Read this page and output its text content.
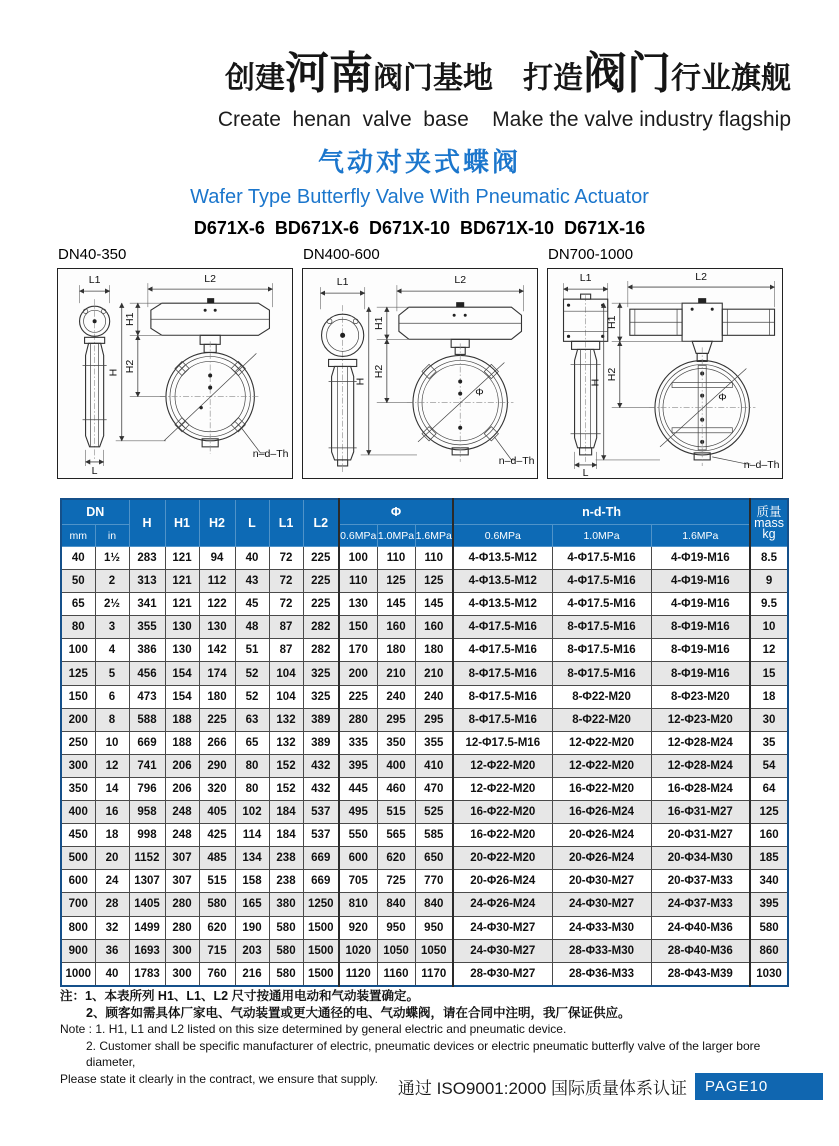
创建河南阀门基地 打造阀门行业旗舰
Create  henan  valve  base    Make the valve industry flagship
气动对夹式蝶阀
Wafer Type Butterfly Valve With Pneumatic Actuator
D671X-6  BD671X-6  D671X-10  BD671X-10  D671X-16
DN40-350
L1
L
L2
H1
H2
H
n–d–Th
DN400-600
L1	L2
Φ
H1
H2
H
n–d–Th
DN700-1000
L1
L
L2
Φ
H1
H2
H
n–d–Th
DN		H	H1	H2	L	L1	L2	Φ			n-d-Th			质量
mass
kg
mm	in							0.6MPa	1.0MPa	1.6MPa	0.6MPa	1.0MPa	1.6MPa	
40	1½	283	121	94	40	72	225	100	110	110	4-Φ13.5-M12	4-Φ17.5-M16	4-Φ19-M16	8.5
50	2	313	121	112	43	72	225	110	125	125	4-Φ13.5-M12	4-Φ17.5-M16	4-Φ19-M16	9
65	2½	341	121	122	45	72	225	130	145	145	4-Φ13.5-M12	4-Φ17.5-M16	4-Φ19-M16	9.5
80	3	355	130	130	48	87	282	150	160	160	4-Φ17.5-M16	8-Φ17.5-M16	8-Φ19-M16	10
100	4	386	130	142	51	87	282	170	180	180	4-Φ17.5-M16	8-Φ17.5-M16	8-Φ19-M16	12
125	5	456	154	174	52	104	325	200	210	210	8-Φ17.5-M16	8-Φ17.5-M16	8-Φ19-M16	15
150	6	473	154	180	52	104	325	225	240	240	8-Φ17.5-M16	8-Φ22-M20	8-Φ23-M20	18
200	8	588	188	225	63	132	389	280	295	295	8-Φ17.5-M16	8-Φ22-M20	12-Φ23-M20	30
250	10	669	188	266	65	132	389	335	350	355	12-Φ17.5-M16	12-Φ22-M20	12-Φ28-M24	35
300	12	741	206	290	80	152	432	395	400	410	12-Φ22-M20	12-Φ22-M20	12-Φ28-M24	54
350	14	796	206	320	80	152	432	445	460	470	12-Φ22-M20	16-Φ22-M20	16-Φ28-M24	64
400	16	958	248	405	102	184	537	495	515	525	16-Φ22-M20	16-Φ26-M24	16-Φ31-M27	125
450	18	998	248	425	114	184	537	550	565	585	16-Φ22-M20	20-Φ26-M24	20-Φ31-M27	160
500	20	1152	307	485	134	238	669	600	620	650	20-Φ22-M20	20-Φ26-M24	20-Φ34-M30	185
600	24	1307	307	515	158	238	669	705	725	770	20-Φ26-M24	20-Φ30-M27	20-Φ37-M33	340
700	28	1405	280	580	165	380	1250	810	840	840	24-Φ26-M24	24-Φ30-M27	24-Φ37-M33	395
800	32	1499	280	620	190	580	1500	920	950	950	24-Φ30-M27	24-Φ33-M30	24-Φ40-M36	580
900	36	1693	300	715	203	580	1500	1020	1050	1050	24-Φ30-M27	28-Φ33-M30	28-Φ40-M36	860
1000	40	1783	300	760	216	580	1500	1120	1160	1170	28-Φ30-M27	28-Φ36-M33	28-Φ43-M39	1030
注：1、本表所列 H1、L1、L2 尺寸按通用电动和气动装置确定。
2、顾客如需具体厂家电、气动装置或更大通径的电、气动蝶阀，请在合同中注明，我厂保证供应。
Note : 1. H1, L1 and L2 listed on this size determined by general electric and pneumatic device.
2. Customer shall be specific manufacturer of electric, pneumatic devices or electric pneumatic butterfly valve of the larger bore diameter,
Please state it clearly in the contract, we ensure that supply.
通过 ISO9001:2000 国际质量体系认证	PAGE10
